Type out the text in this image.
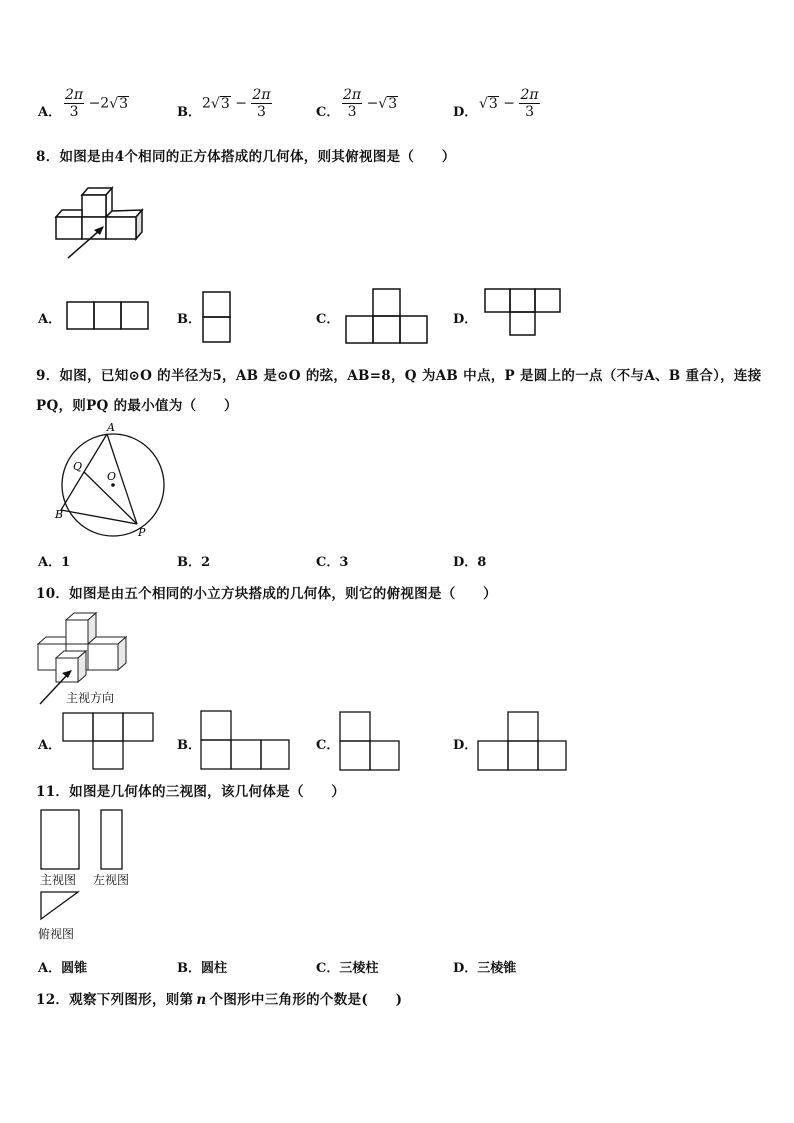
A． $\frac{2\pi}{3} -2√3$
B．
$2√3 - \frac{2\pi}{3}$	C． $\frac{2\pi}{3} -√3$
D．
$√3 - \frac{2\pi}{3}$
8．如图是由4个相同的正方体搭成的几何体，则其俯视图是（　　）
A．	B．	C．	D．
9．如图，已知⊙O 的半径为5，AB 是⊙O 的弦，AB=8，Q 为AB 中点，P 是圆上的一点（不与A、B 重合），连接
PQ，则PQ 的最小值为（　　）
A
Q
O
B
P
A．1	B．2	C．3	D．8
10．如图是由五个相同的小立方块搭成的几何体，则它的俯视图是（　　）
主视方向
A．	B．	C．	D．
11．如图是几何体的三视图，该几何体是（　　）
主视图 左视图
俯视图
A．圆锥	B．圆柱	C．三棱柱	D．三棱锥
12．观察下列图形，则第 n 个图形中三角形的个数是(　　)
